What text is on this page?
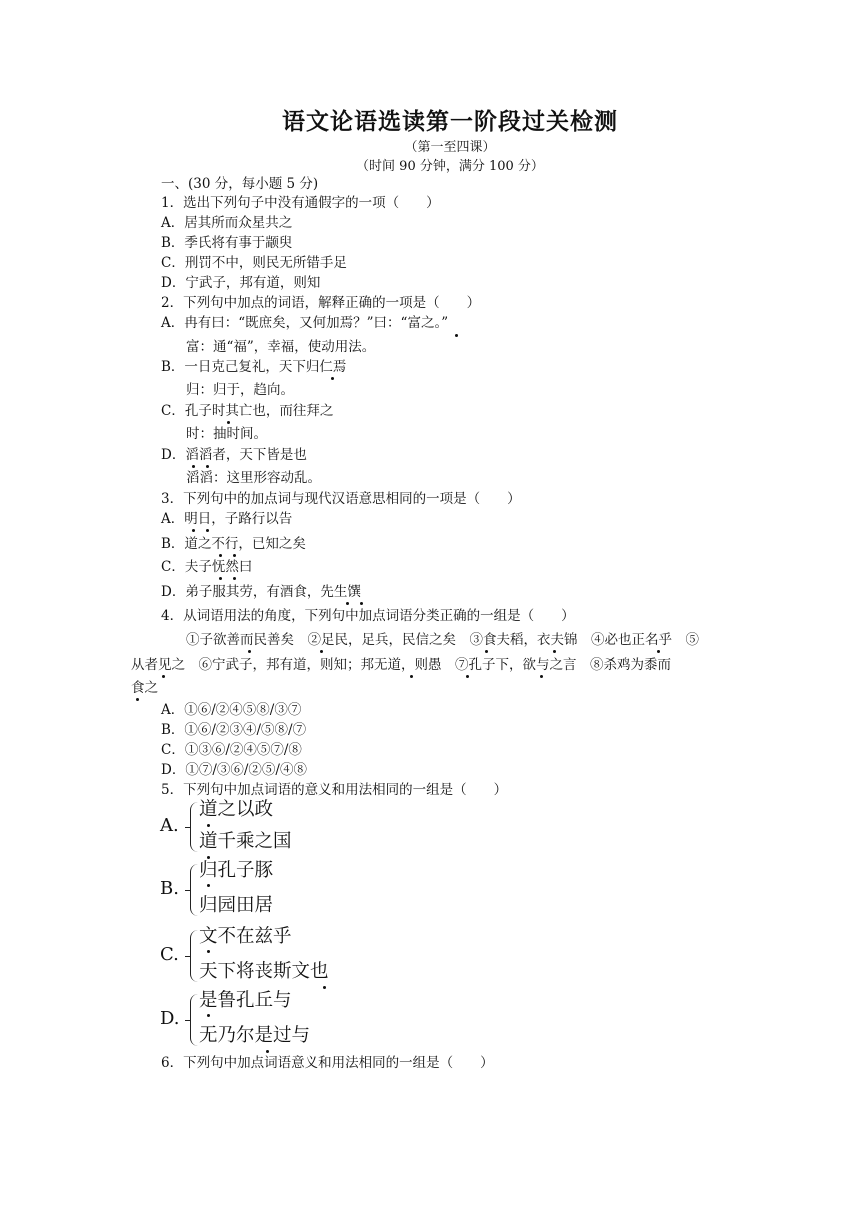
语文论语选读第一阶段过关检测
（第一至四课）
（时间 90 分钟，满分 100 分）
一、(30 分，每小题 5 分)
1．选出下列句子中没有通假字的一项（　　）
A．居其所而众星共之
B．季氏将有事于颛臾
C．刑罚不中，则民无所错手足
D．宁武子，邦有道，则知
2．下列句中加点的词语，解释正确的一项是（　　）
A．冉有曰：“既庶矣，又何加焉？”曰：“富之。”
富：通“福”，幸福，使动用法。
B．一日克己复礼，天下归仁焉
归：归于，趋向。
C．孔子时其亡也，而往拜之
时：抽时间。
D．滔滔者，天下皆是也
滔滔：这里形容动乱。
3．下列句中的加点词与现代汉语意思相同的一项是（　　）
A．明日，子路行以告
B．道之不行，已知之矣
C．夫子怃然曰
D．弟子服其劳，有酒食，先生馔
4．从词语用法的角度，下列句中加点词语分类正确的一组是（　　）
①子欲善而民善矣　②足民，足兵，民信之矣　③食夫稻，衣夫锦　④必也正名乎　⑤
从者见之　⑥宁武子，邦有道，则知；邦无道，则愚　⑦孔子下，欲与之言　⑧杀鸡为黍而
食之
A．①⑥/②④⑤⑧/③⑦
B．①⑥/②③④/⑤⑧/⑦
C．①③⑥/②④⑤⑦/⑧
D．①⑦/③⑥/②⑤/④⑧
5．下列句中加点词语的意义和用法相同的一组是（　　）
A.
道之以政
道千乘之国
B.
归孔子豚
归园田居
C.
文不在兹乎
天下将丧斯文也
D.
是鲁孔丘与
无乃尔是过与
6．下列句中加点词语意义和用法相同的一组是（　　）
